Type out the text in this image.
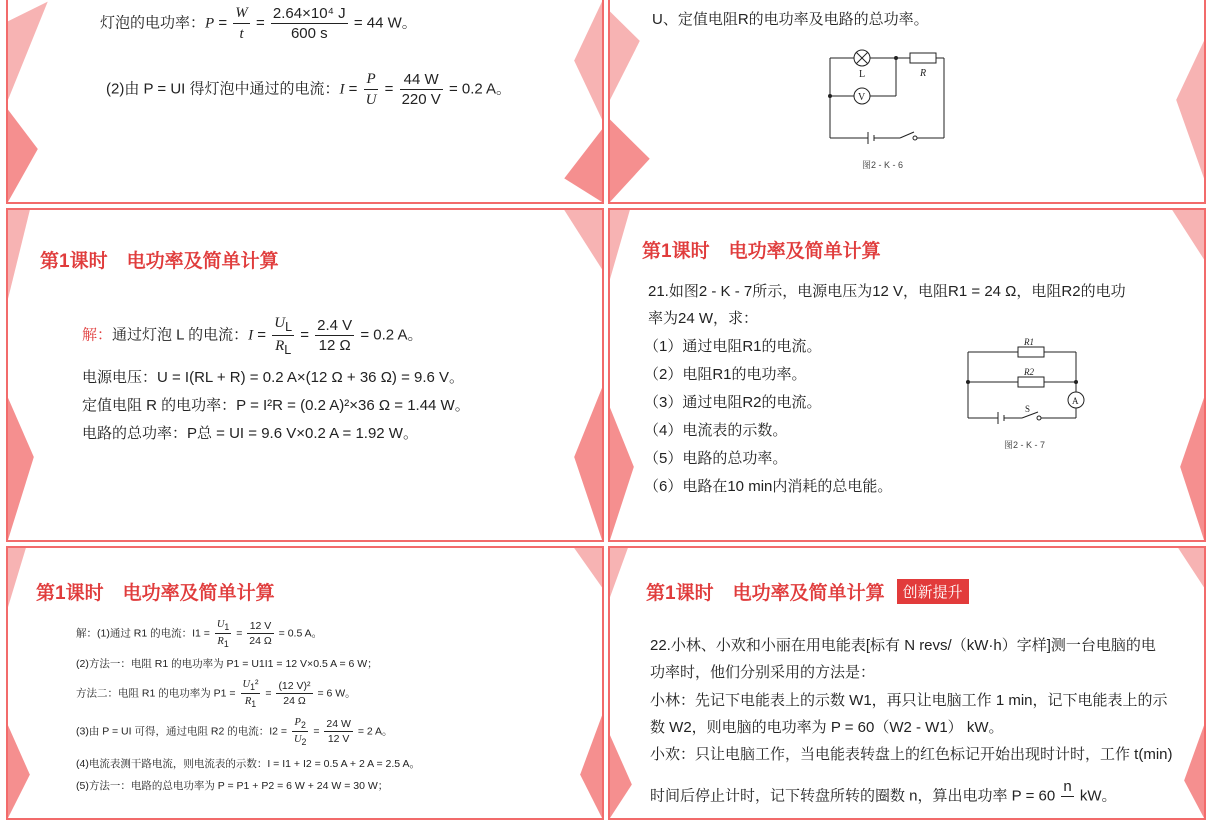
灯泡的电功率：$P = \frac{W}{t} = \frac{\text{2.64×10⁴ J}}{600 s} = 44$ W。
(2)由 P = UI 得灯泡中通过的电流：$I = \frac{P}{U} = \frac{44 W}{220 V} = 0.2$ A。
U、定值电阻R的电功率及电路的总功率。
L	R
V
图2 - K - 6
第1课时　电功率及简单计算
解：通过灯泡 L 的电流：$I = \frac{U_L}{R_L} = \frac{2.4 V}{12 \Omega} = 0.2$ A。
电源电压：U = I(RL + R) = 0.2 A×(12 Ω + 36 Ω) = 9.6 V。
定值电阻 R 的电功率：P = I²R = (0.2 A)²×36 Ω = 1.44 W。
电路的总功率：P总 = UI = 9.6 V×0.2 A = 1.92 W。
第1课时　电功率及简单计算
21.如图2 - K - 7所示，电源电压为12 V，电阻R1 = 24 Ω，电阻R2的电功
率为24 W，求：
（1）通过电阻R1的电流。
（2）电阻R1的电功率。
（3）通过电阻R2的电流。
（4）电流表的示数。
（5）电路的总功率。
（6）电路在10 min内消耗的总电能。
R1
R2
S
A
图2 - K - 7
第1课时　电功率及简单计算
解：(1)通过 R1 的电流：$I1 = \frac{U_1}{R_1} = \frac{12 V}{24 \Omega} = 0.5$ A。
(2)方法一：电阻 R1 的电功率为 P1 = U1I1 = 12 V×0.5 A = 6 W；
方法二：电阻 R1 的电功率为 $P1 = \frac{U_1^2}{R_1} = \frac{\text{(12 V)²}}{24 \Omega} = 6$ W。
(3)由 P = UI 可得，通过电阻 R2 的电流：$I2 = \frac{P_2}{U_2} = \frac{24 W}{12 V} = 2$ A。
(4)电流表测干路电流，则电流表的示数：I = I1 + I2 = 0.5 A + 2 A = 2.5 A。
(5)方法一：电路的总电功率为 P = P1 + P2 = 6 W + 24 W = 30 W；
第1课时　电功率及简单计算 创新提升
22.小林、小欢和小丽在用电能表[标有 N revs/（kW·h）字样]测一台电脑的电
功率时，他们分别采用的方法是：
小林：先记下电能表上的示数 W1，再只让电脑工作 1 min，记下电能表上的示
数 W2，则电脑的电功率为 P = 60（W2 - W1） kW。
小欢：只让电脑工作，当电能表转盘上的红色标记开始出现时计时，工作 t(min)
时间后停止计时，记下转盘所转的圈数 n，算出电功率 P = 60
n

kW。
